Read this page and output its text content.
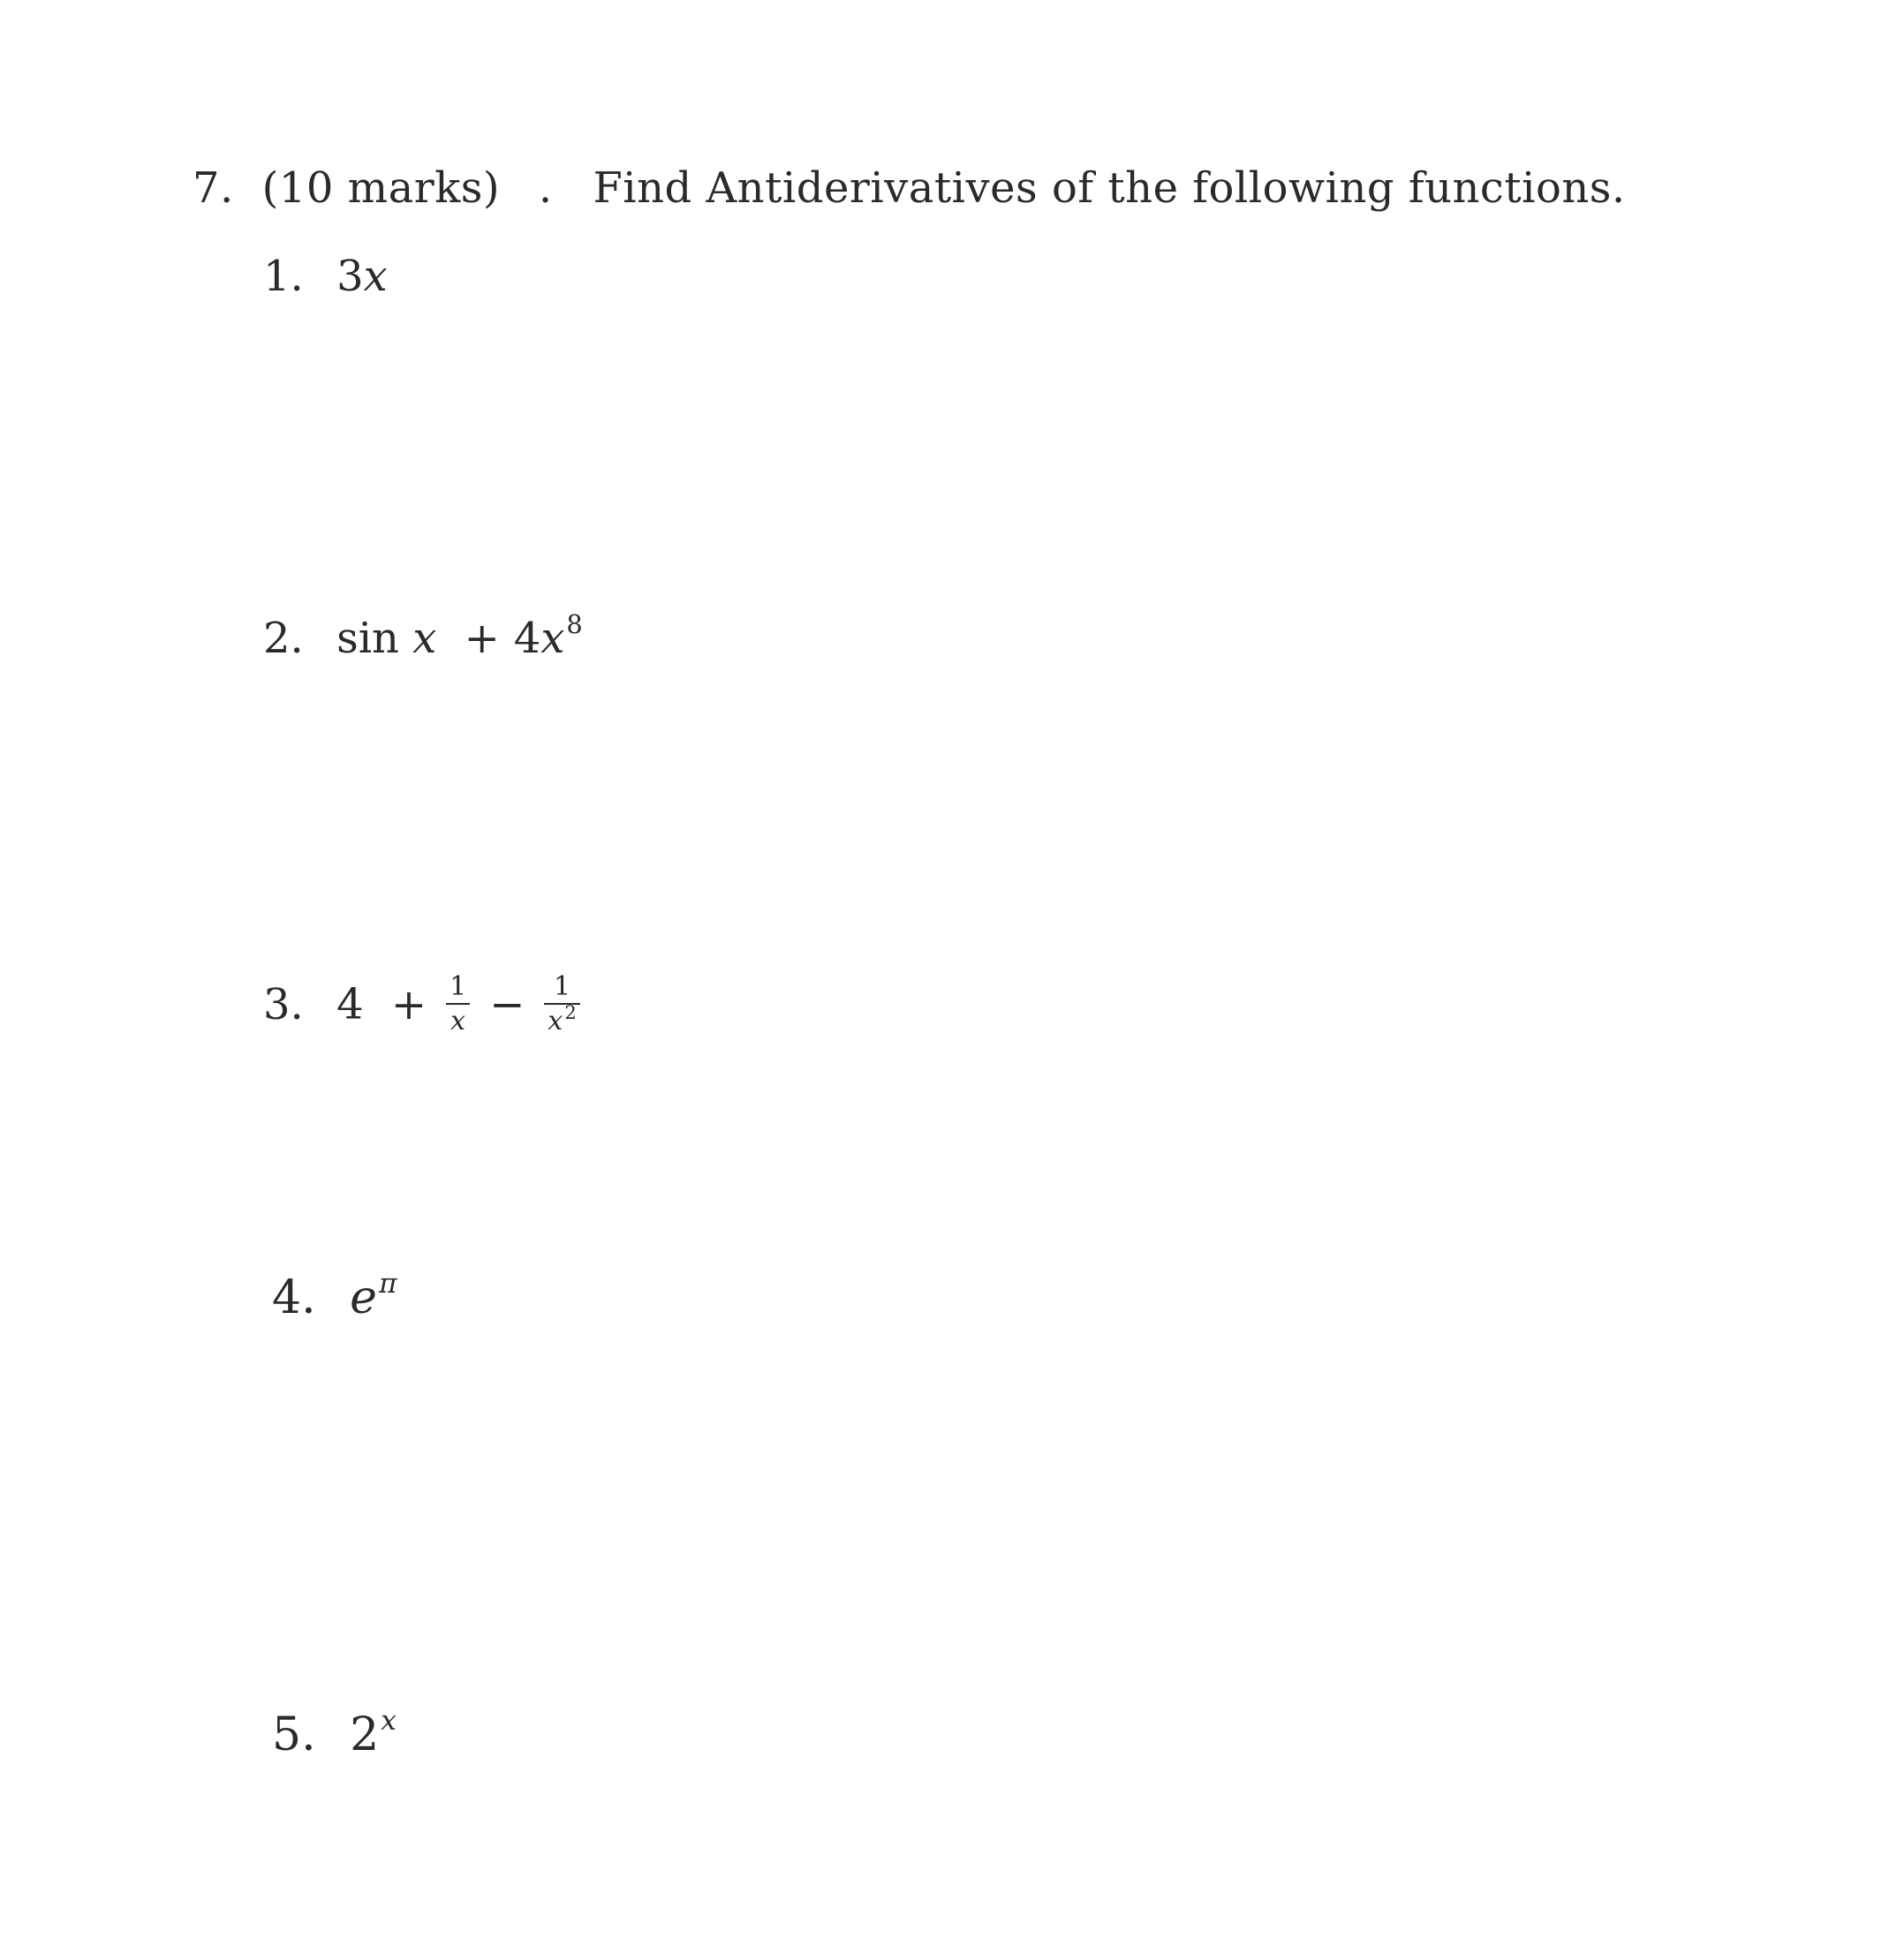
7. (10 marks) . Find Antiderivatives of the following functions.
1. 3x
2. $\sin x + 4x^8$
3. $4 + \frac{1}{x} - \frac{1}{x^2}$
4. $e^\pi$
5. 2$^x$
